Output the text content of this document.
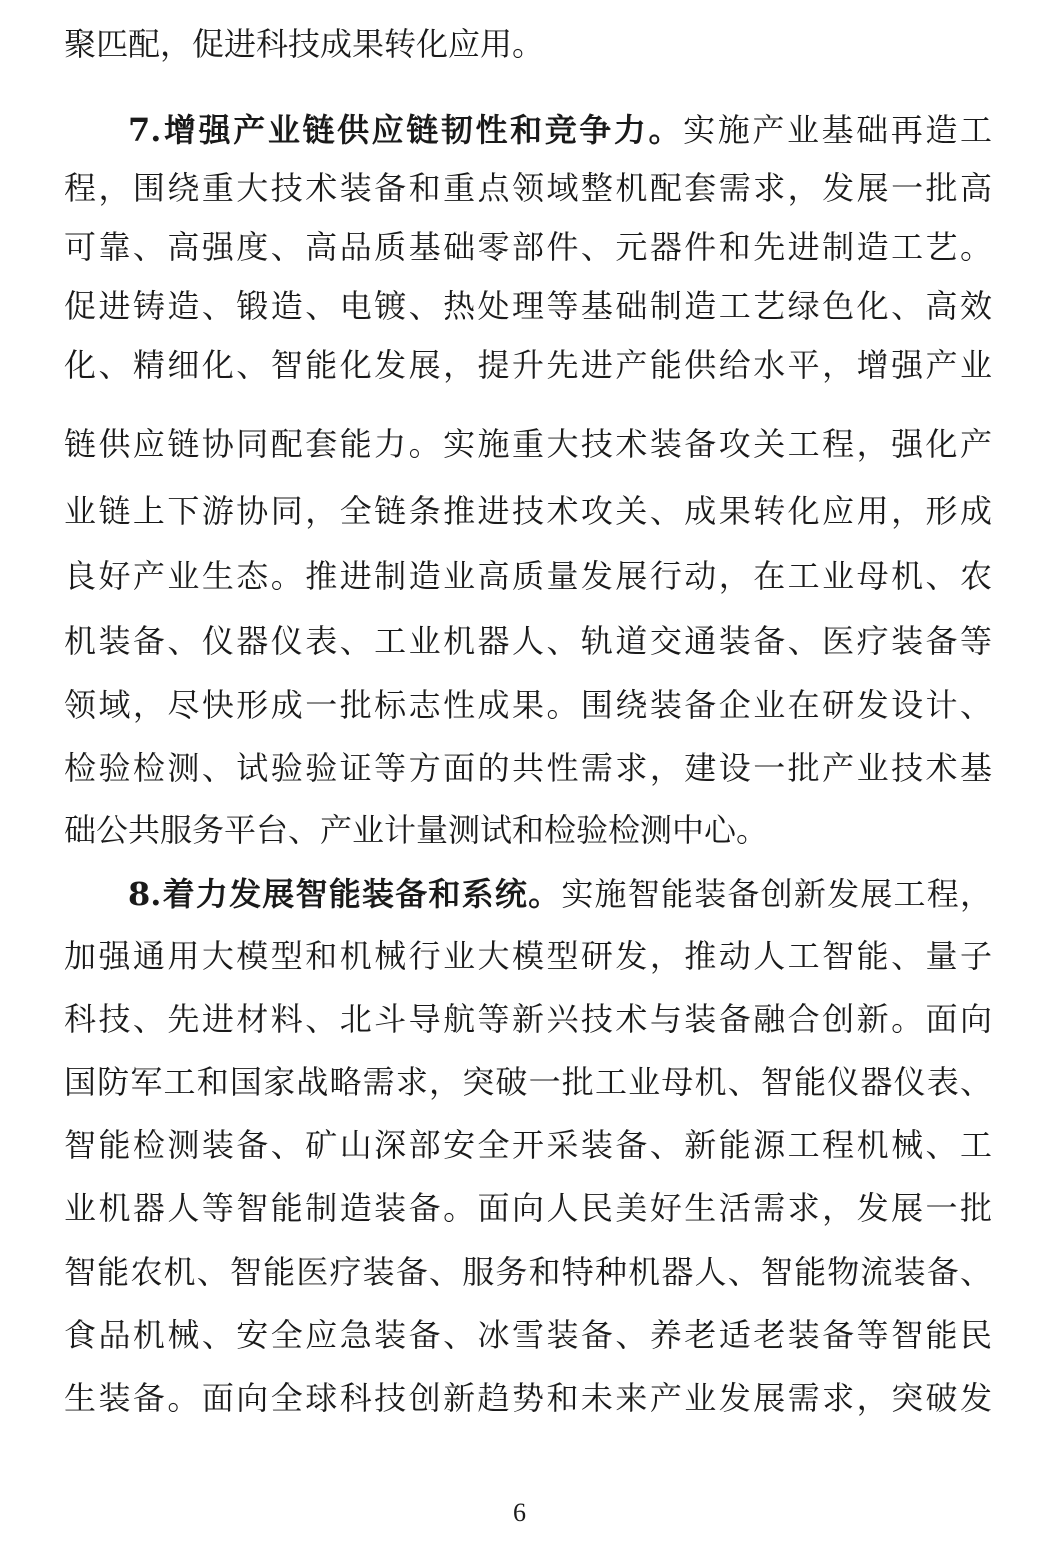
聚匹配，促进科技成果转化应用。
7.增强产业链供应链韧性和竞争力。实施产业基础再造工
程，围绕重大技术装备和重点领域整机配套需求，发展一批高
可靠、高强度、高品质基础零部件、元器件和先进制造工艺。
促进铸造、锻造、电镀、热处理等基础制造工艺绿色化、高效
化、精细化、智能化发展，提升先进产能供给水平，增强产业
链供应链协同配套能力。实施重大技术装备攻关工程，强化产
业链上下游协同，全链条推进技术攻关、成果转化应用，形成
良好产业生态。推进制造业高质量发展行动，在工业母机、农
机装备、仪器仪表、工业机器人、轨道交通装备、医疗装备等
领域，尽快形成一批标志性成果。围绕装备企业在研发设计、
检验检测、试验验证等方面的共性需求，建设一批产业技术基
础公共服务平台、产业计量测试和检验检测中心。
8.着力发展智能装备和系统。实施智能装备创新发展工程，
加强通用大模型和机械行业大模型研发，推动人工智能、量子
科技、先进材料、北斗导航等新兴技术与装备融合创新。面向
国防军工和国家战略需求，突破一批工业母机、智能仪器仪表、
智能检测装备、矿山深部安全开采装备、新能源工程机械、工
业机器人等智能制造装备。面向人民美好生活需求，发展一批
智能农机、智能医疗装备、服务和特种机器人、智能物流装备、
食品机械、安全应急装备、冰雪装备、养老适老装备等智能民
生装备。面向全球科技创新趋势和未来产业发展需求，突破发
6
